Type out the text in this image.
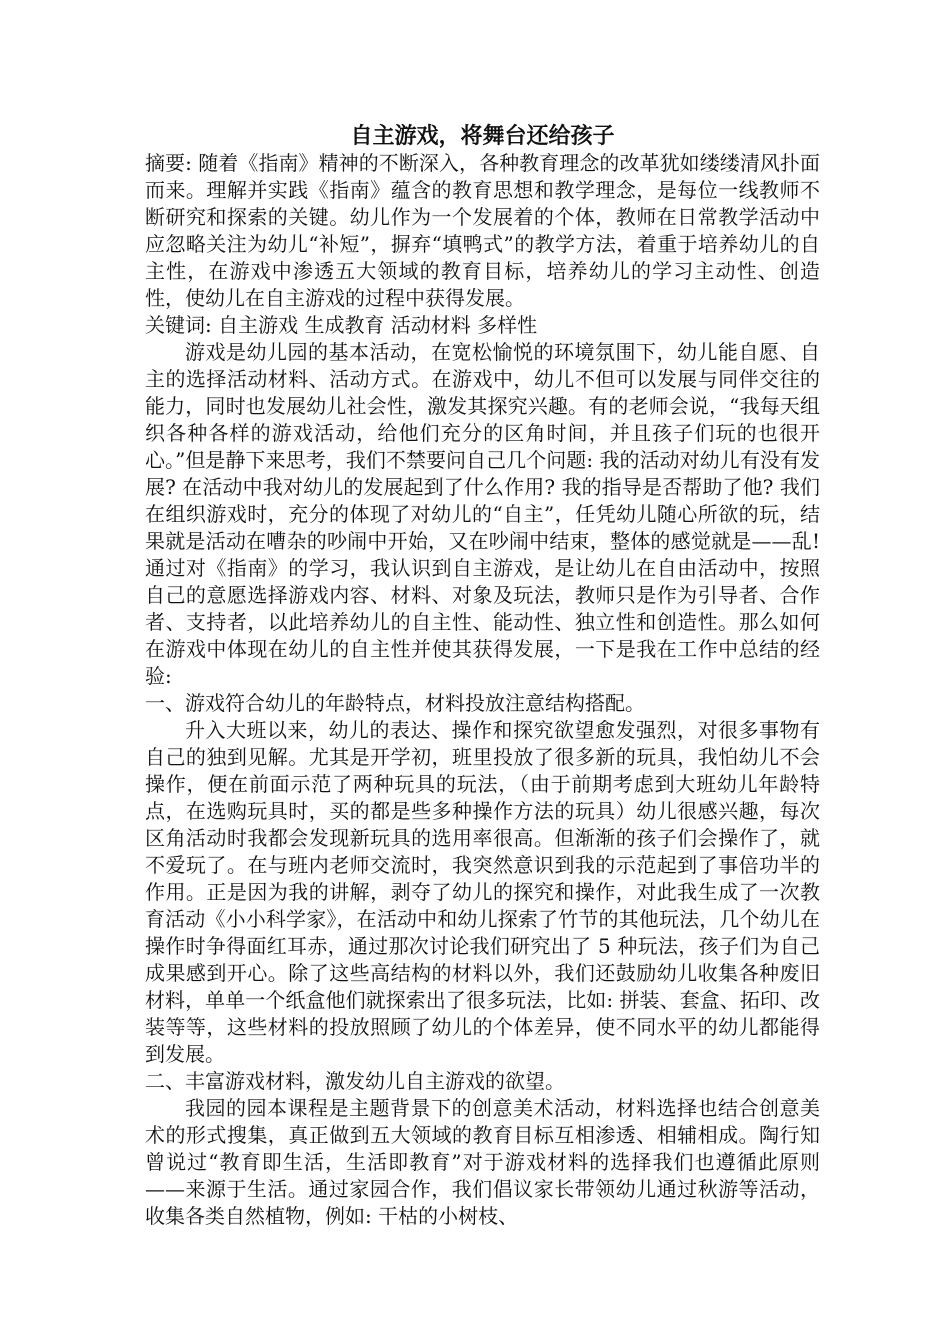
自主游戏，将舞台还给孩子

摘要: 随着《指南》精神的不断深入，各种教育理念的改革犹如缕缕清风扑面而来。理解并实践《指南》蕴含的教育思想和教学理念，是每位一线教师不断研究和探索的关键。幼儿作为一个发展着的个体，教师在日常教学活动中应忽略关注为幼儿“补短”，摒弃“填鸭式”的教学方法，着重于培养幼儿的自主性，在游戏中渗透五大领域的教育目标，培养幼儿的学习主动性、创造性，使幼儿在自主游戏的过程中获得发展。

关键词: 自主游戏 生成教育 活动材料 多样性

游戏是幼儿园的基本活动，在宽松愉悦的环境氛围下，幼儿能自愿、自主的选择活动材料、活动方式。在游戏中，幼儿不但可以发展与同伴交往的能力，同时也发展幼儿社会性，激发其探究兴趣。有的老师会说，“我每天组织各种各样的游戏活动，给他们充分的区角时间，并且孩子们玩的也很开心。”但是静下来思考，我们不禁要问自己几个问题: 我的活动对幼儿有没有发展? 在活动中我对幼儿的发展起到了什么作用? 我的指导是否帮助了他? 我们在组织游戏时，充分的体现了对幼儿的“自主”，任凭幼儿随心所欲的玩，结果就是活动在嘈杂的吵闹中开始，又在吵闹中结束，整体的感觉就是——乱! 通过对《指南》的学习，我认识到自主游戏，是让幼儿在自由活动中，按照自己的意愿选择游戏内容、材料、对象及玩法，教师只是作为引导者、合作者、支持者，以此培养幼儿的自主性、能动性、独立性和创造性。那么如何在游戏中体现在幼儿的自主性并使其获得发展，一下是我在工作中总结的经验:

一、游戏符合幼儿的年龄特点，材料投放注意结构搭配。

升入大班以来，幼儿的表达、操作和探究欲望愈发强烈，对很多事物有自己的独到见解。尤其是开学初，班里投放了很多新的玩具，我怕幼儿不会操作，便在前面示范了两种玩具的玩法，（由于前期考虑到大班幼儿年龄特点，在选购玩具时，买的都是些多种操作方法的玩具）幼儿很感兴趣，每次区角活动时我都会发现新玩具的选用率很高。但渐渐的孩子们会操作了，就不爱玩了。在与班内老师交流时，我突然意识到我的示范起到了事倍功半的作用。正是因为我的讲解，剥夺了幼儿的探究和操作，对此我生成了一次教育活动《小小科学家》，在活动中和幼儿探索了竹节的其他玩法，几个幼儿在操作时争得面红耳赤，通过那次讨论我们研究出了 5 种玩法，孩子们为自己成果感到开心。除了这些高结构的材料以外，我们还鼓励幼儿收集各种废旧材料，单单一个纸盒他们就探索出了很多玩法，比如: 拼装、套盒、拓印、改装等等，这些材料的投放照顾了幼儿的个体差异，使不同水平的幼儿都能得到发展。

二、丰富游戏材料，激发幼儿自主游戏的欲望。

我园的园本课程是主题背景下的创意美术活动，材料选择也结合创意美术的形式搜集，真正做到五大领域的教育目标互相渗透、相辅相成。陶行知曾说过“教育即生活，生活即教育”对于游戏材料的选择我们也遵循此原则——来源于生活。通过家园合作，我们倡议家长带领幼儿通过秋游等活动，收集各类自然植物，例如: 干枯的小树枝、
